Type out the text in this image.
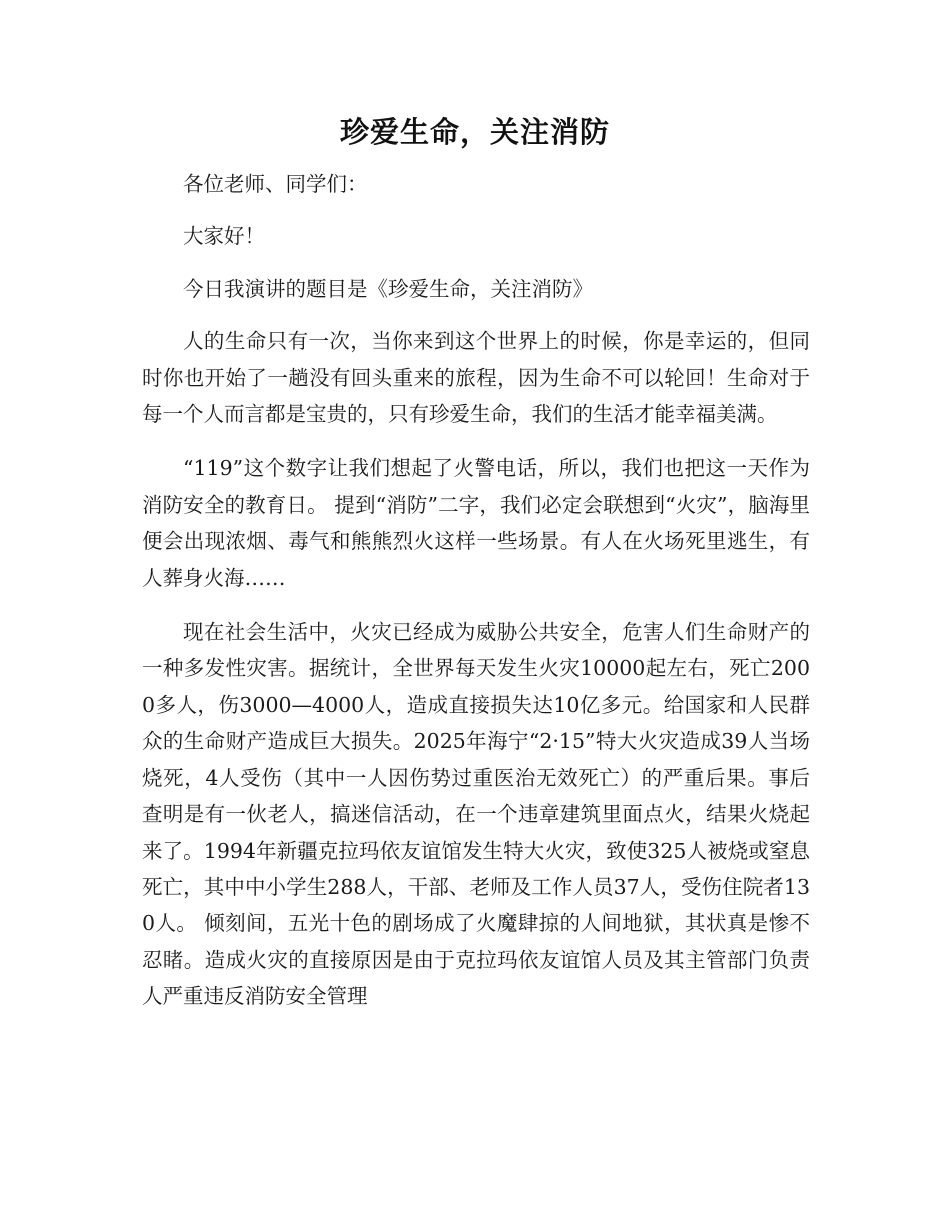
珍爱生命，关注消防

各位老师、同学们：

大家好！

今日我演讲的题目是《珍爱生命，关注消防》

人的生命只有一次，当你来到这个世界上的时候，你是幸运的，但同时你也开始了一趟没有回头重来的旅程，因为生命不可以轮回！生命对于每一个人而言都是宝贵的，只有珍爱生命，我们的生活才能幸福美满。

“119”这个数字让我们想起了火警电话，所以，我们也把这一天作为消防安全的教育日。 提到“消防”二字，我们必定会联想到“火灾”，脑海里便会出现浓烟、毒气和熊熊烈火这样一些场景。有人在火场死里逃生，有人葬身火海……

现在社会生活中，火灾已经成为威胁公共安全，危害人们生命财产的一种多发性灾害。据统计，全世界每天发生火灾10000起左右，死亡2000多人，伤3000—4000人，造成直接损失达10亿多元。给国家和人民群众的生命财产造成巨大损失。2025年海宁“2·15”特大火灾造成39人当场烧死，4人受伤（其中一人因伤势过重医治无效死亡）的严重后果。事后查明是有一伙老人，搞迷信活动，在一个违章建筑里面点火，结果火烧起来了。1994年新疆克拉玛依友谊馆发生特大火灾，致使325人被烧或窒息死亡，其中中小学生288人，干部、老师及工作人员37人，受伤住院者130人。 倾刻间，五光十色的剧场成了火魔肆掠的人间地狱，其状真是惨不忍睹。造成火灾的直接原因是由于克拉玛依友谊馆人员及其主管部门负责人严重违反消防安全管理
